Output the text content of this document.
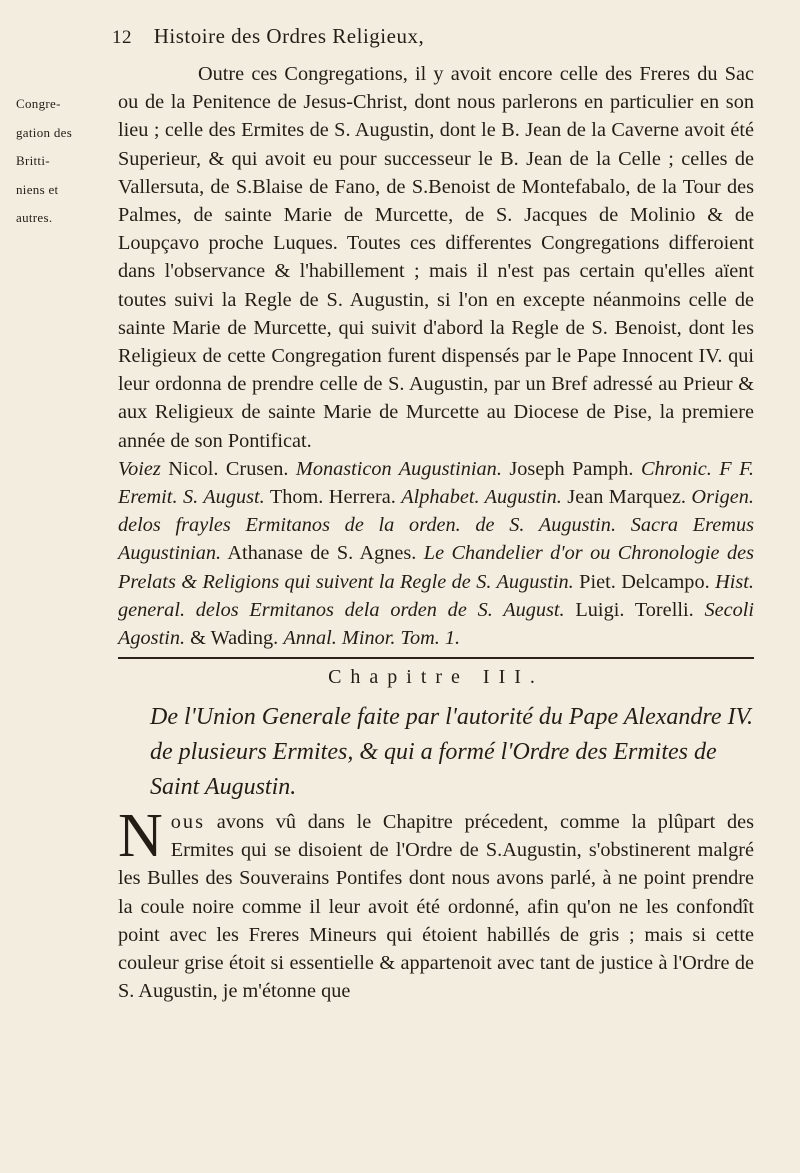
12 Histoire des Ordres Religieux,
Congre-
gation des
Britti-
niens et
autres.

Outre ces Congregations, il y avoit encore celle des Freres du Sac ou de la Penitence de Jesus-Christ, dont nous parlerons en particulier en son lieu ; celle des Ermites de S. Augustin, dont le B. Jean de la Caverne avoit été Superieur, & qui avoit eu pour successeur le B. Jean de la Celle ; celles de Vallersuta, de S.Blaise de Fano, de S.Benoist de Montefabalo, de la Tour des Palmes, de sainte Marie de Murcette, de S. Jacques de Molinio & de Loupçavo proche Luques. Toutes ces differentes Congregations differoient dans l'observance & l'habillement ; mais il n'est pas certain qu'elles aïent toutes suivi la Regle de S. Augustin, si l'on en excepte néanmoins celle de sainte Marie de Murcette, qui suivit d'abord la Regle de S. Benoist, dont les Religieux de cette Congregation furent dispensés par le Pape Innocent IV. qui leur ordonna de prendre celle de S. Augustin, par un Bref adressé au Prieur & aux Religieux de sainte Marie de Murcette au Diocese de Pise, la premiere année de son Pontificat.

Voiez Nicol. Crusen. Monasticon Augustinian. Joseph Pamph. Chronic. F F. Eremit. S. August. Thom. Herrera. Alphabet. Augustin. Jean Marquez. Origen. delos frayles Ermitanos de la orden. de S. Augustin. Sacra Eremus Augustinian. Athanase de S. Agnes. Le Chandelier d'or ou Chronologie des Prelats & Religions qui suivent la Regle de S. Augustin. Piet. Delcampo. Hist. general. delos Ermitanos dela orden de S. August. Luigi. Torelli. Secoli Agostin. & Wading. Annal. Minor. Tom. 1.
Chapitre III.
De l'Union Generale faite par l'autorité du Pape Alexandre IV. de plusieurs Ermites, & qui a formé l'Ordre des Ermites de Saint Augustin.
N ous avons vû dans le Chapitre précedent, comme la plûpart des Ermites qui se disoient de l'Ordre de S.Augustin, s'obstinerent malgré les Bulles des Souverains Pontifes dont nous avons parlé, à ne point prendre la coule noire comme il leur avoit été ordonné, afin qu'on ne les confondît point avec les Freres Mineurs qui étoient habillés de gris ; mais si cette couleur grise étoit si essentielle & appartenoit avec tant de justice à l'Ordre de S. Augustin, je m'étonne que
